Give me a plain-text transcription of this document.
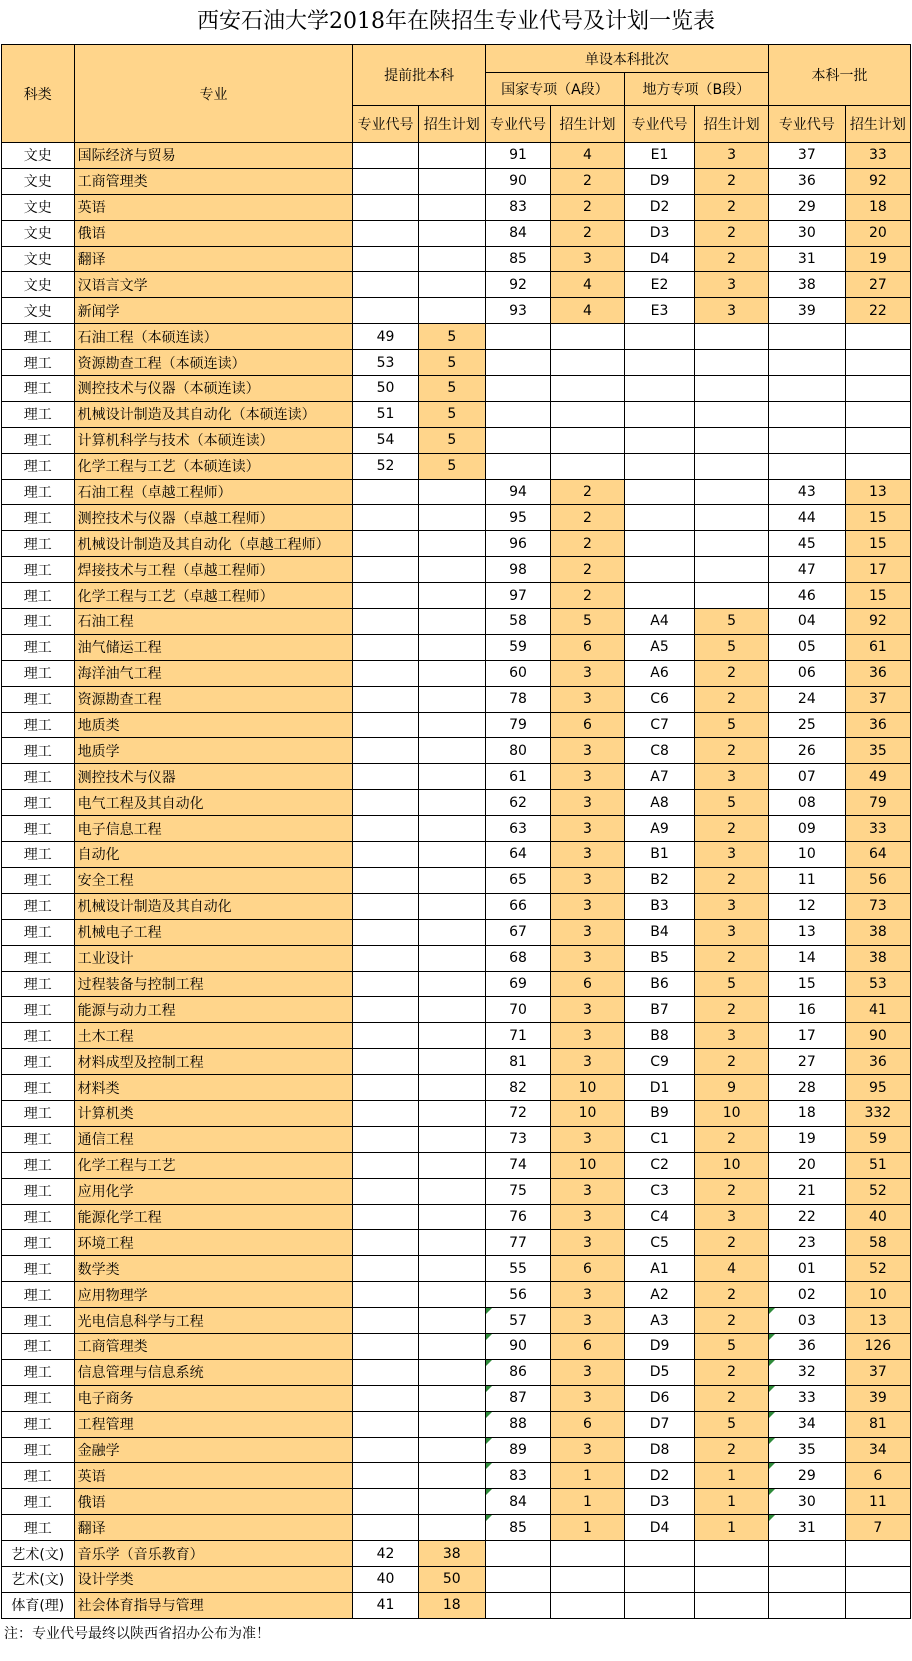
西安石油大学2018年在陕招生专业代号及计划一览表
科类	专业	提前批本科		单设本科批次				本科一批	
				国家专项（A段）		地方专项（B段）			
		专业代号	招生计划	专业代号	招生计划	专业代号	招生计划	专业代号	招生计划
文史	国际经济与贸易			91	4	E1	3	37	33
文史	工商管理类			90	2	D9	2	36	92
文史	英语			83	2	D2	2	29	18
文史	俄语			84	2	D3	2	30	20
文史	翻译			85	3	D4	2	31	19
文史	汉语言文学			92	4	E2	3	38	27
文史	新闻学			93	4	E3	3	39	22
理工	石油工程（本硕连读）	49	5						
理工	资源勘查工程（本硕连读）	53	5						
理工	测控技术与仪器（本硕连读）	50	5						
理工	机械设计制造及其自动化（本硕连读）	51	5						
理工	计算机科学与技术（本硕连读）	54	5						
理工	化学工程与工艺（本硕连读）	52	5						
理工	石油工程（卓越工程师）			94	2			43	13
理工	测控技术与仪器（卓越工程师）			95	2			44	15
理工	机械设计制造及其自动化（卓越工程师）			96	2			45	15
理工	焊接技术与工程（卓越工程师）			98	2			47	17
理工	化学工程与工艺（卓越工程师）			97	2			46	15
理工	石油工程			58	5	A4	5	04	92
理工	油气储运工程			59	6	A5	5	05	61
理工	海洋油气工程			60	3	A6	2	06	36
理工	资源勘查工程			78	3	C6	2	24	37
理工	地质类			79	6	C7	5	25	36
理工	地质学			80	3	C8	2	26	35
理工	测控技术与仪器			61	3	A7	3	07	49
理工	电气工程及其自动化			62	3	A8	5	08	79
理工	电子信息工程			63	3	A9	2	09	33
理工	自动化			64	3	B1	3	10	64
理工	安全工程			65	3	B2	2	11	56
理工	机械设计制造及其自动化			66	3	B3	3	12	73
理工	机械电子工程			67	3	B4	3	13	38
理工	工业设计			68	3	B5	2	14	38
理工	过程装备与控制工程			69	6	B6	5	15	53
理工	能源与动力工程			70	3	B7	2	16	41
理工	土木工程			71	3	B8	3	17	90
理工	材料成型及控制工程			81	3	C9	2	27	36
理工	材料类			82	10	D1	9	28	95
理工	计算机类			72	10	B9	10	18	332
理工	通信工程			73	3	C1	2	19	59
理工	化学工程与工艺			74	10	C2	10	20	51
理工	应用化学			75	3	C3	2	21	52
理工	能源化学工程			76	3	C4	3	22	40
理工	环境工程			77	3	C5	2	23	58
理工	数学类			55	6	A1	4	01	52
理工	应用物理学			56	3	A2	2	02	10
理工	光电信息科学与工程			57	3	A3	2	03	13
理工	工商管理类			90	6	D9	5	36	126
理工	信息管理与信息系统			86	3	D5	2	32	37
理工	电子商务			87	3	D6	2	33	39
理工	工程管理			88	6	D7	5	34	81
理工	金融学			89	3	D8	2	35	34
理工	英语			83	1	D2	1	29	6
理工	俄语			84	1	D3	1	30	11
理工	翻译			85	1	D4	1	31	7
艺术(文)	音乐学（音乐教育）	42	38						
艺术(文)	设计学类	40	50						
体育(理)	社会体育指导与管理	41	18						
注：专业代号最终以陕西省招办公布为准！
